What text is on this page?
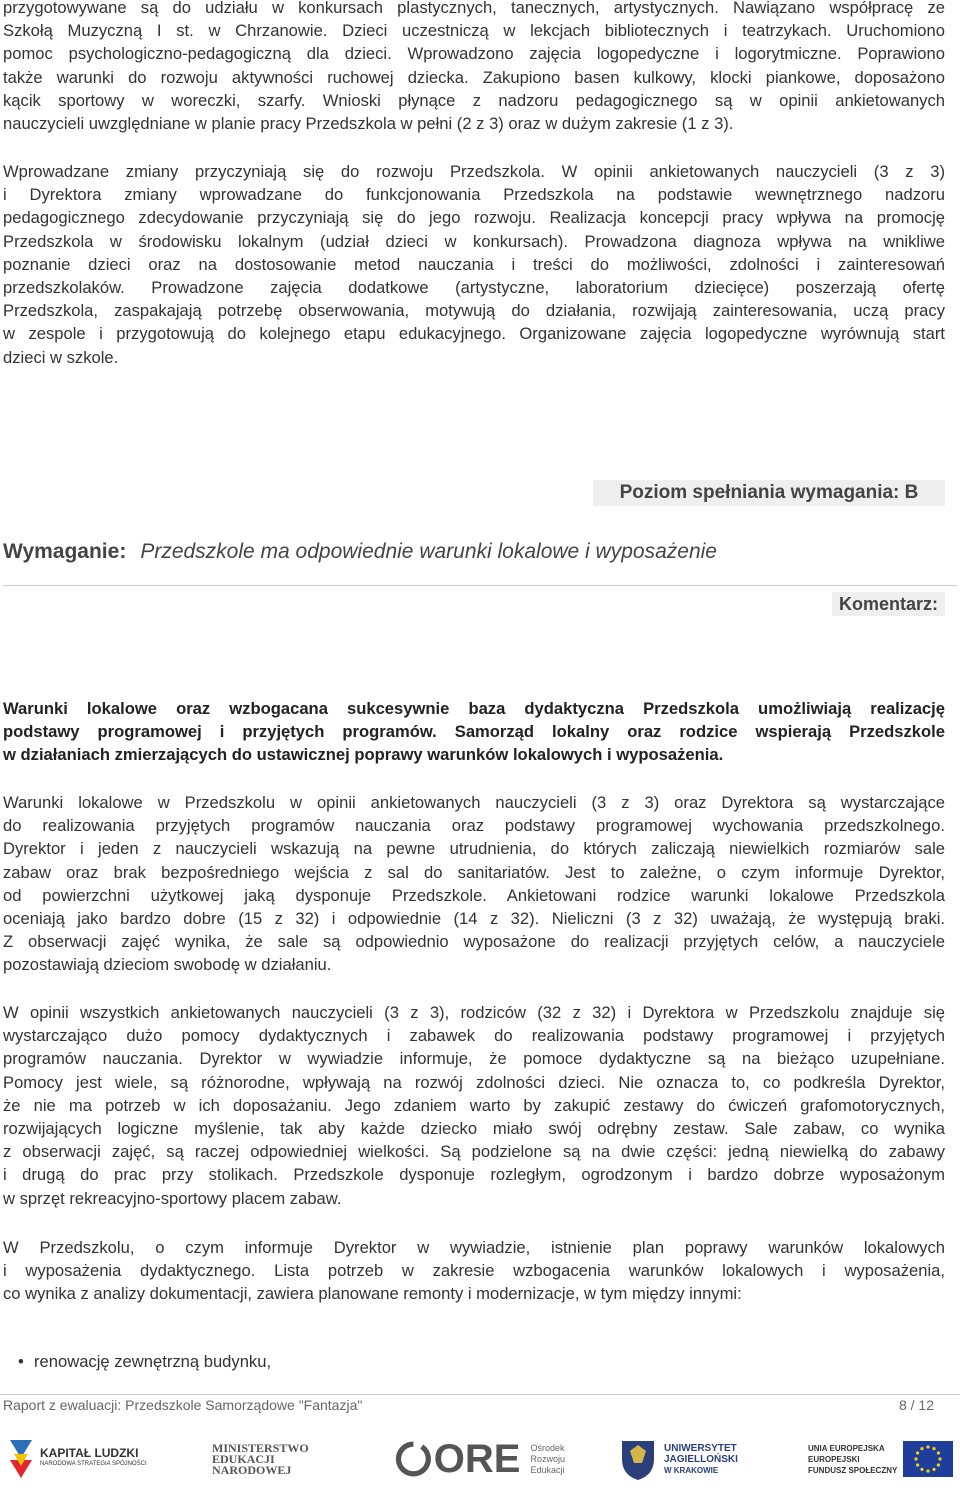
przygotowywane są do udziału w konkursach plastycznych, tanecznych, artystycznych. Nawiązano współpracę ze
Szkołą Muzyczną I st. w Chrzanowie. Dzieci uczestniczą w lekcjach bibliotecznych i teatrzykach. Uruchomiono
pomoc psychologiczno-pedagogiczną dla dzieci. Wprowadzono zajęcia logopedyczne i logorytmiczne. Poprawiono
także warunki do rozwoju aktywności ruchowej dziecka. Zakupiono basen kulkowy, klocki piankowe, doposażono
kącik sportowy w woreczki, szarfy. Wnioski płynące z nadzoru pedagogicznego są w opinii ankietowanych
nauczycieli uwzględniane w planie pracy Przedszkola w pełni (2 z 3) oraz w dużym zakresie (1 z 3).
Wprowadzane zmiany przyczyniają się do rozwoju Przedszkola. W opinii ankietowanych nauczycieli (3 z 3)
i Dyrektora zmiany wprowadzane do funkcjonowania Przedszkola na podstawie wewnętrznego nadzoru
pedagogicznego zdecydowanie przyczyniają się do jego rozwoju. Realizacja koncepcji pracy wpływa na promocję
Przedszkola w środowisku lokalnym (udział dzieci w konkursach). Prowadzona diagnoza wpływa na wnikliwe
poznanie dzieci oraz na dostosowanie metod nauczania i treści do możliwości, zdolności i zainteresowań
przedszkolaków. Prowadzone zajęcia dodatkowe (artystyczne, laboratorium dziecięce) poszerzają ofertę
Przedszkola, zaspakajają potrzebę obserwowania, motywują do działania, rozwijają zainteresowania, uczą pracy
w zespole i przygotowują do kolejnego etapu edukacyjnego. Organizowane zajęcia logopedyczne wyrównują start
dzieci w szkole.
Poziom spełniania wymagania: B
Wymaganie: Przedszkole ma odpowiednie warunki lokalowe i wyposażenie
Komentarz:
Warunki lokalowe oraz wzbogacana sukcesywnie baza dydaktyczna Przedszkola umożliwiają realizację
podstawy programowej i przyjętych programów. Samorząd lokalny oraz rodzice wspierają Przedszkole
w działaniach zmierzających do ustawicznej poprawy warunków lokalowych i wyposażenia.
Warunki lokalowe w Przedszkolu w opinii ankietowanych nauczycieli (3 z 3) oraz Dyrektora są wystarczające
do realizowania przyjętych programów nauczania oraz podstawy programowej wychowania przedszkolnego.
Dyrektor i jeden z nauczycieli wskazują na pewne utrudnienia, do których zaliczają niewielkich rozmiarów sale
zabaw oraz brak bezpośredniego wejścia z sal do sanitariatów. Jest to zależne, o czym informuje Dyrektor,
od powierzchni użytkowej jaką dysponuje Przedszkole. Ankietowani rodzice warunki lokalowe Przedszkola
oceniają jako bardzo dobre (15 z 32) i odpowiednie (14 z 32). Nieliczni (3 z 32) uważają, że występują braki.
Z obserwacji zajęć wynika, że sale są odpowiednio wyposażone do realizacji przyjętych celów, a nauczyciele
pozostawiają dzieciom swobodę w działaniu.
W opinii wszystkich ankietowanych nauczycieli (3 z 3), rodziców (32 z 32) i Dyrektora w Przedszkolu znajduje się
wystarczająco dużo pomocy dydaktycznych i zabawek do realizowania podstawy programowej i przyjętych
programów nauczania. Dyrektor w wywiadzie informuje, że pomoce dydaktyczne są na bieżąco uzupełniane.
Pomocy jest wiele, są różnorodne, wpływają na rozwój zdolności dzieci. Nie oznacza to, co podkreśla Dyrektor,
że nie ma potrzeb w ich doposażaniu. Jego zdaniem warto by zakupić zestawy do ćwiczeń grafomotorycznych,
rozwijających logiczne myślenie, tak aby każde dziecko miało swój odrębny zestaw. Sale zabaw, co wynika
z obserwacji zajęć, są raczej odpowiedniej wielkości. Są podzielone są na dwie części: jedną niewielką do zabawy
i drugą do prac przy stolikach. Przedszkole dysponuje rozległym, ogrodzonym i bardzo dobrze wyposażonym
w sprzęt rekreacyjno-sportowy placem zabaw.
W Przedszkolu, o czym informuje Dyrektor w wywiadzie, istnienie plan poprawy warunków lokalowych
i wyposażenia dydaktycznego. Lista potrzeb w zakresie wzbogacenia warunków lokalowych i wyposażenia,
co wynika z analizy dokumentacji, zawiera planowane remonty i modernizacje, w tym między innymi:
• renowację zewnętrzną budynku,
Raport z ewaluacji: Przedszkole Samorządowe "Fantazja"	8 / 12
KAPITAŁ LUDZKI
NARODOWA STRATEGIA SPÓJNOŚCI
MINISTERSTWO
EDUKACJI
NARODOWEJ	ORE Ośrodek
Rozwoju
Edukacji
UNIWERSYTET
JAGIELLOŃSKI
W KRAKOWIE
UNIA EUROPEJSKA
EUROPEJSKI
FUNDUSZ SPOŁECZNY
